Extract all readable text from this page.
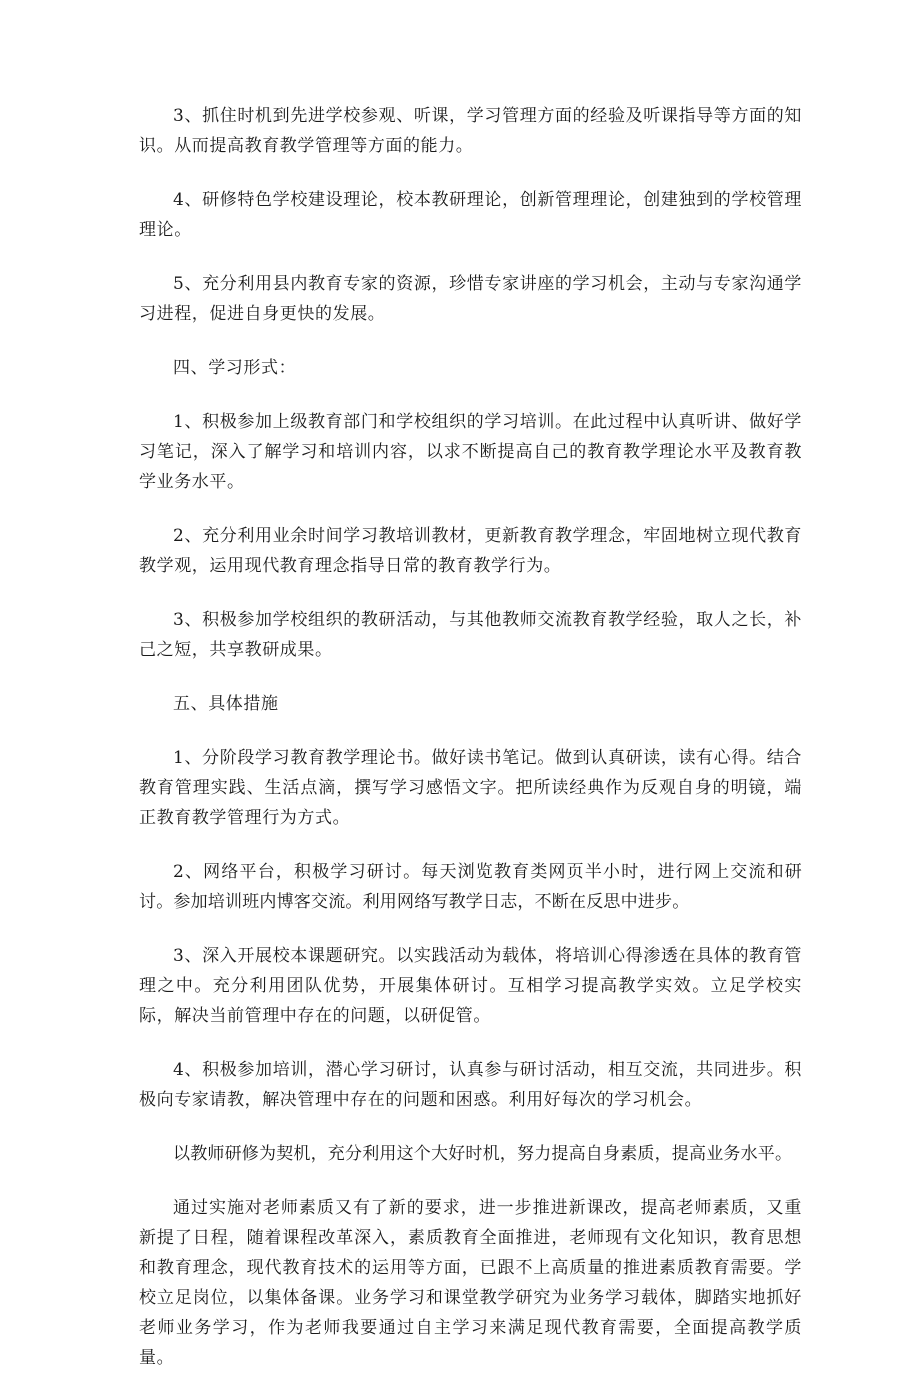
3、抓住时机到先进学校参观、听课，学习管理方面的经验及听课指导等方面的知识。从而提高教育教学管理等方面的能力。

4、研修特色学校建设理论，校本教研理论，创新管理理论，创建独到的学校管理理论。

5、充分利用县内教育专家的资源，珍惜专家讲座的学习机会，主动与专家沟通学习进程，促进自身更快的发展。

四、学习形式：

1、积极参加上级教育部门和学校组织的学习培训。在此过程中认真听讲、做好学习笔记，深入了解学习和培训内容，以求不断提高自己的教育教学理论水平及教育教学业务水平。

2、充分利用业余时间学习教培训教材，更新教育教学理念，牢固地树立现代教育教学观，运用现代教育理念指导日常的教育教学行为。

3、积极参加学校组织的教研活动，与其他教师交流教育教学经验，取人之长，补己之短，共享教研成果。

五、具体措施

1、分阶段学习教育教学理论书。做好读书笔记。做到认真研读，读有心得。结合教育管理实践、生活点滴，撰写学习感悟文字。把所读经典作为反观自身的明镜，端正教育教学管理行为方式。

2、网络平台，积极学习研讨。每天浏览教育类网页半小时，进行网上交流和研讨。参加培训班内博客交流。利用网络写教学日志，不断在反思中进步。

3、深入开展校本课题研究。以实践活动为载体，将培训心得渗透在具体的教育管理之中。充分利用团队优势，开展集体研讨。互相学习提高教学实效。立足学校实际，解决当前管理中存在的问题，以研促管。

4、积极参加培训，潜心学习研讨，认真参与研讨活动，相互交流，共同进步。积极向专家请教，解决管理中存在的问题和困惑。利用好每次的学习机会。

以教师研修为契机，充分利用这个大好时机，努力提高自身素质，提高业务水平。

通过实施对老师素质又有了新的要求，进一步推进新课改，提高老师素质，又重新提了日程，随着课程改革深入，素质教育全面推进，老师现有文化知识，教育思想和教育理念，现代教育技术的运用等方面，已跟不上高质量的推进素质教育需要。学校立足岗位，以集体备课。业务学习和课堂教学研究为业务学习载体，脚踏实地抓好老师业务学习，作为老师我要通过自主学习来满足现代教育需要，全面提高教学质量。
